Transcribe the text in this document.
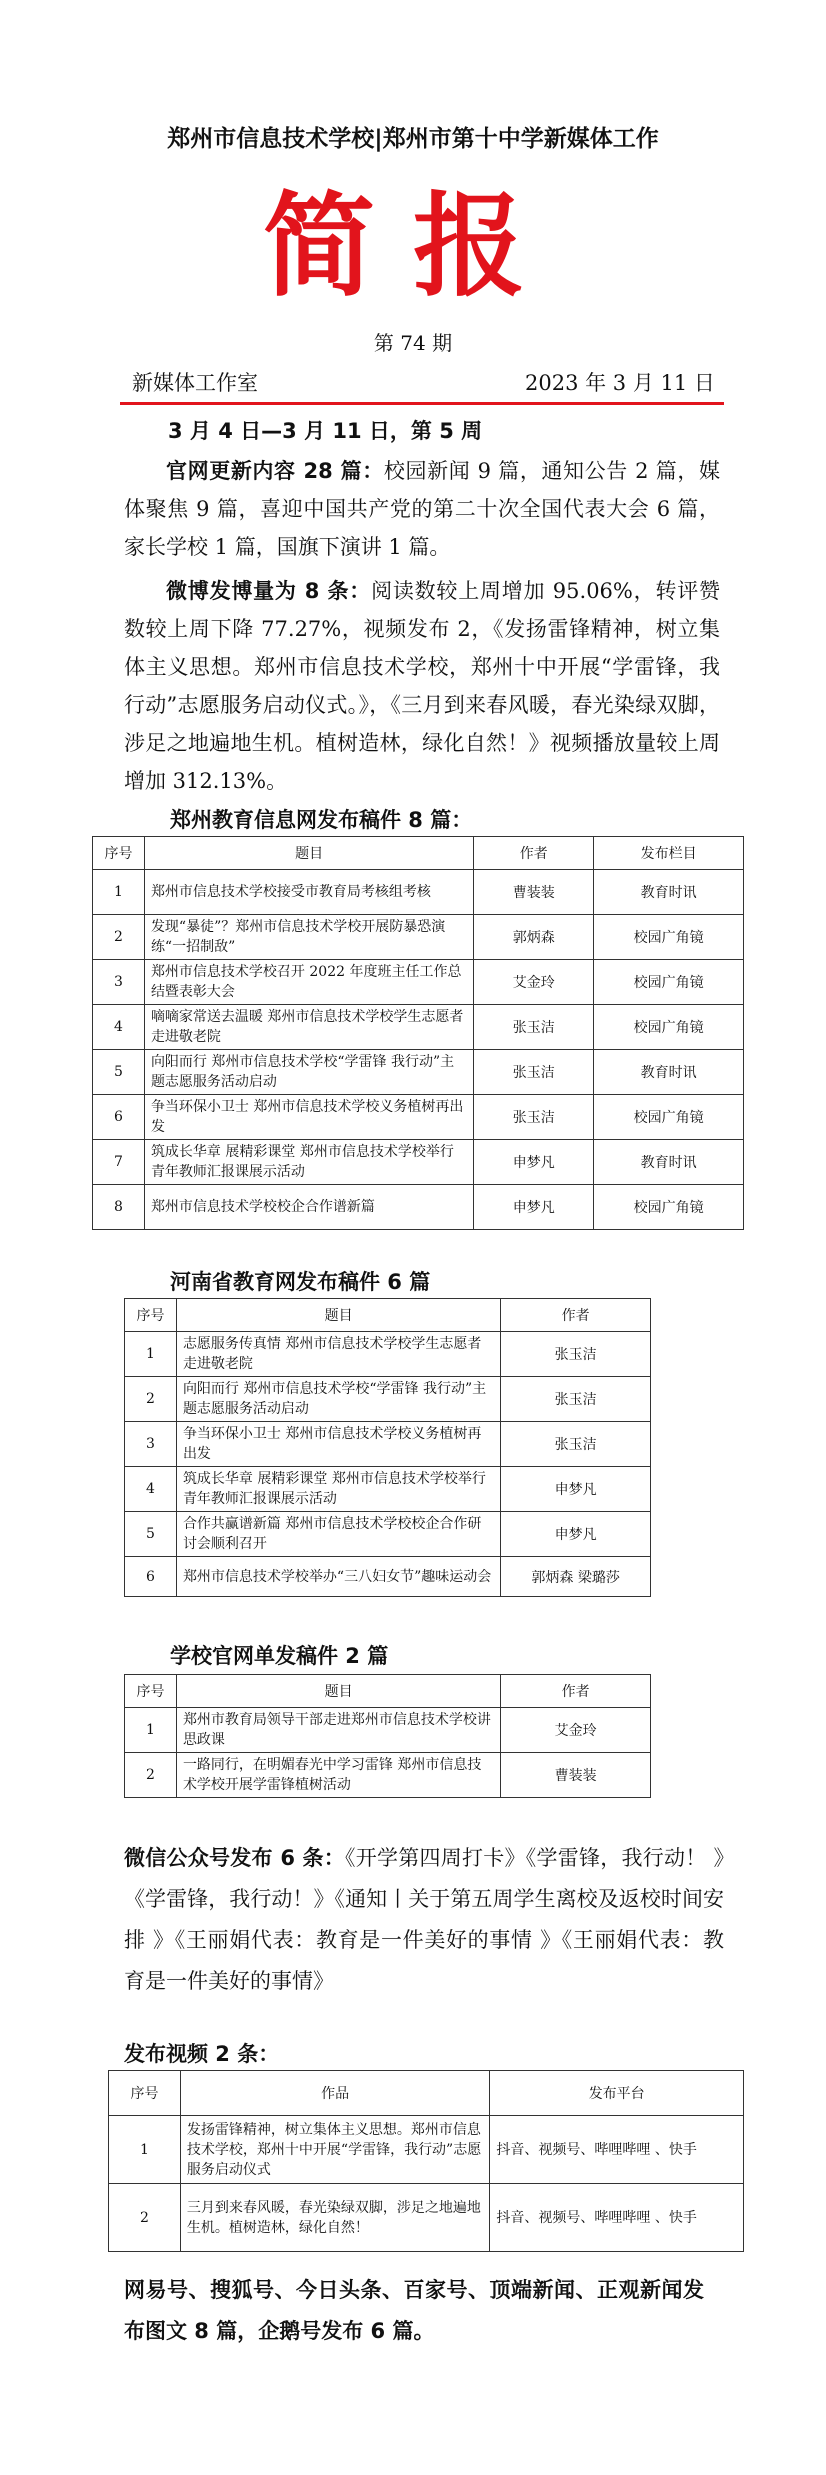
郑州市信息技术学校|郑州市第十中学新媒体工作
简报
第 74 期
新媒体工作室	2023 年 3 月 11 日
3 月 4 日—3 月 11 日，第 5 周
官网更新内容 28 篇：校园新闻 9 篇，通知公告 2 篇，媒体聚焦 9 篇，喜迎中国共产党的第二十次全国代表大会 6 篇，家长学校 1 篇，国旗下演讲 1 篇。
微博发博量为 8 条：阅读数较上周增加 95.06%，转评赞数较上周下降 77.27%，视频发布 2，《发扬雷锋精神，树立集体主义思想。郑州市信息技术学校，郑州十中开展“学雷锋，我行动”志愿服务启动仪式。》，《三月到来春风暖，春光染绿双脚，涉足之地遍地生机。植树造林，绿化自然！》视频播放量较上周增加 312.13%。
郑州教育信息网发布稿件 8 篇：
序号	题目	作者	发布栏目
1	郑州市信息技术学校接受市教育局考核组考核	曹装装	教育时讯
2	发现“暴徒”？郑州市信息技术学校开展防暴恐演练“一招制敌”	郭炳森	校园广角镜
3	郑州市信息技术学校召开 2022 年度班主任工作总结暨表彰大会	艾金玲	校园广角镜
4	嘀嘀家常送去温暖 郑州市信息技术学校学生志愿者走进敬老院	张玉洁	校园广角镜
5	向阳而行 郑州市信息技术学校“学雷锋 我行动”主题志愿服务活动启动	张玉洁	教育时讯
6	争当环保小卫士 郑州市信息技术学校义务植树再出发	张玉洁	校园广角镜
7	筑成长华章 展精彩课堂 郑州市信息技术学校举行青年教师汇报课展示活动	申梦凡	教育时讯
8	郑州市信息技术学校校企合作谱新篇	申梦凡	校园广角镜
河南省教育网发布稿件 6 篇
序号	题目	作者
1	志愿服务传真情 郑州市信息技术学校学生志愿者走进敬老院	张玉洁
2	向阳而行 郑州市信息技术学校“学雷锋 我行动”主题志愿服务活动启动	张玉洁
3	争当环保小卫士 郑州市信息技术学校义务植树再出发	张玉洁
4	筑成长华章 展精彩课堂 郑州市信息技术学校举行青年教师汇报课展示活动	申梦凡
5	合作共赢谱新篇 郑州市信息技术学校校企合作研讨会顺利召开	申梦凡
6	郑州市信息技术学校举办“三八妇女节”趣味运动会	郭炳森 梁璐莎
学校官网单发稿件 2 篇
序号	题目	作者
1	郑州市教育局领导干部走进郑州市信息技术学校讲思政课	艾金玲
2	一路同行，在明媚春光中学习雷锋 郑州市信息技术学校开展学雷锋植树活动	曹装装
微信公众号发布 6 条：《开学第四周打卡》《学雷锋，我行动！ 》《学雷锋，我行动！》《通知丨关于第五周学生离校及返校时间安排 》《王丽娟代表：教育是一件美好的事情 》《王丽娟代表：教育是一件美好的事情》
发布视频 2 条：
序号	作品	发布平台
1	发扬雷锋精神，树立集体主义思想。郑州市信息技术学校，郑州十中开展“学雷锋，我行动”志愿服务启动仪式	抖音、视频号、哔哩哔哩 、快手
2	三月到来春风暖，春光染绿双脚，涉足之地遍地生机。植树造林，绿化自然！	抖音、视频号、哔哩哔哩 、快手
网易号、搜狐号、今日头条、百家号、顶端新闻、正观新闻发布图文 8 篇，企鹅号发布 6 篇。
